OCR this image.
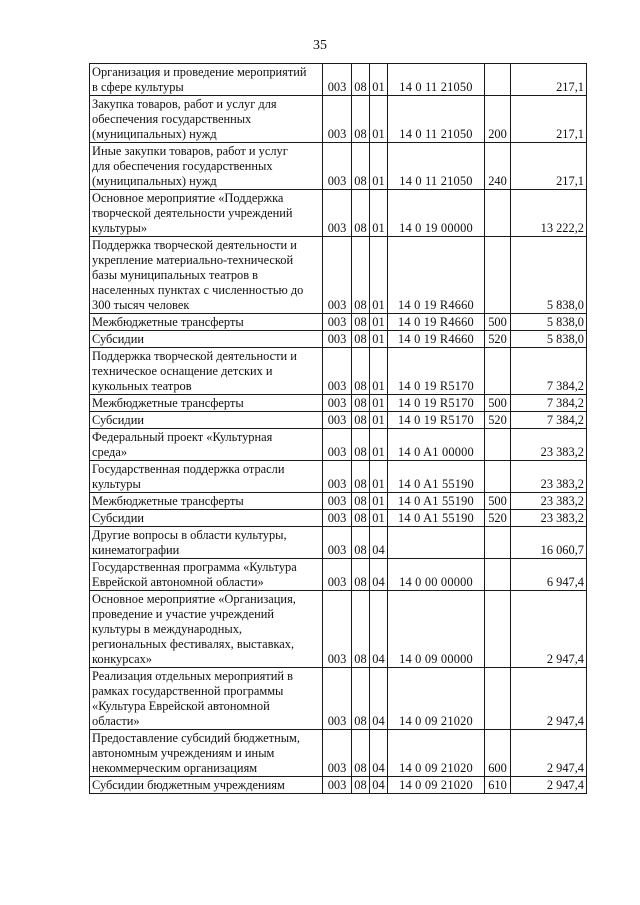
35
Организация и проведение мероприятий
в сфере культуры	003	08	01	14 0 11 21050		217,1

Закупка товаров, работ и услуг для
обеспечения государственных
(муниципальных) нужд	003	08	01	14 0 11 21050	200	217,1

Иные закупки товаров, работ и услуг
для обеспечения государственных
(муниципальных) нужд	003	08	01	14 0 11 21050	240	217,1

Основное мероприятие «Поддержка
творческой деятельности учреждений
культуры»	003	08	01	14 0 19 00000		13 222,2

Поддержка творческой деятельности и
укрепление материально-технической
базы муниципальных театров в
населенных пунктах с численностью до
300 тысяч человек	003	08	01	14 0 19 R4660		5 838,0

Межбюджетные трансферты	003	08	01	14 0 19 R4660	500	5 838,0

Субсидии	003	08	01	14 0 19 R4660	520	5 838,0

Поддержка творческой деятельности и
техническое оснащение детских и
кукольных театров	003	08	01	14 0 19 R5170		7 384,2

Межбюджетные трансферты	003	08	01	14 0 19 R5170	500	7 384,2

Субсидии	003	08	01	14 0 19 R5170	520	7 384,2

Федеральный проект «Культурная
среда»	003	08	01	14 0 A1 00000		23 383,2

Государственная поддержка отрасли
культуры	003	08	01	14 0 A1 55190		23 383,2

Межбюджетные трансферты	003	08	01	14 0 A1 55190	500	23 383,2

Субсидии	003	08	01	14 0 A1 55190	520	23 383,2

Другие вопросы в области культуры,
кинематографии	003	08	04			16 060,7

Государственная программа «Культура
Еврейской автономной области»	003	08	04	14 0 00 00000		6 947,4

Основное мероприятие «Организация,
проведение и участие учреждений
культуры в международных,
региональных фестивалях, выставках,
конкурсах»	003	08	04	14 0 09 00000		2 947,4

Реализация отдельных мероприятий в
рамках государственной программы
«Культура Еврейской автономной
области»	003	08	04	14 0 09 21020		2 947,4

Предоставление субсидий бюджетным,
автономным учреждениям и иным
некоммерческим организациям	003	08	04	14 0 09 21020	600	2 947,4

Субсидии бюджетным учреждениям	003	08	04	14 0 09 21020	610	2 947,4
